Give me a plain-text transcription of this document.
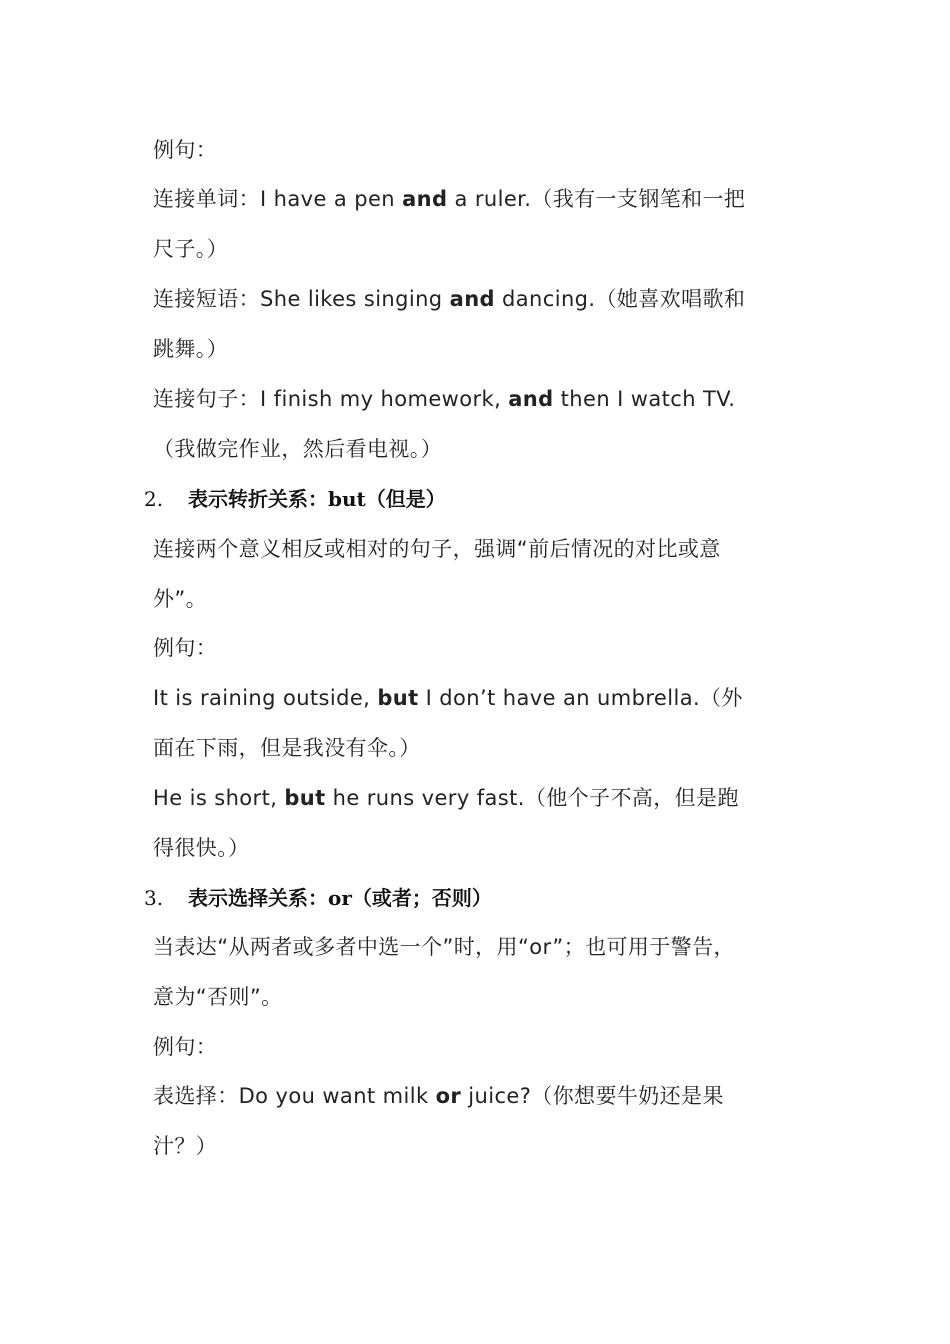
例句：
连接单词：I have a pen and a ruler.（我有一支钢笔和一把
尺子。）
连接短语：She likes singing and dancing.（她喜欢唱歌和
跳舞。）
连接句子：I finish my homework, and then I watch TV.
（我做完作业，然后看电视。）
2. 表示转折关系：but（但是）
连接两个意义相反或相对的句子，强调“前后情况的对比或意
外”。
例句：
It is raining outside, but I don’t have an umbrella.（外
面在下雨，但是我没有伞。）
He is short, but he runs very fast.（他个子不高，但是跑
得很快。）
3. 表示选择关系：or（或者；否则）
当表达“从两者或多者中选一个”时，用“or”；也可用于警告，
意为“否则”。
例句：
表选择：Do you want milk or juice?（你想要牛奶还是果
汁？）
